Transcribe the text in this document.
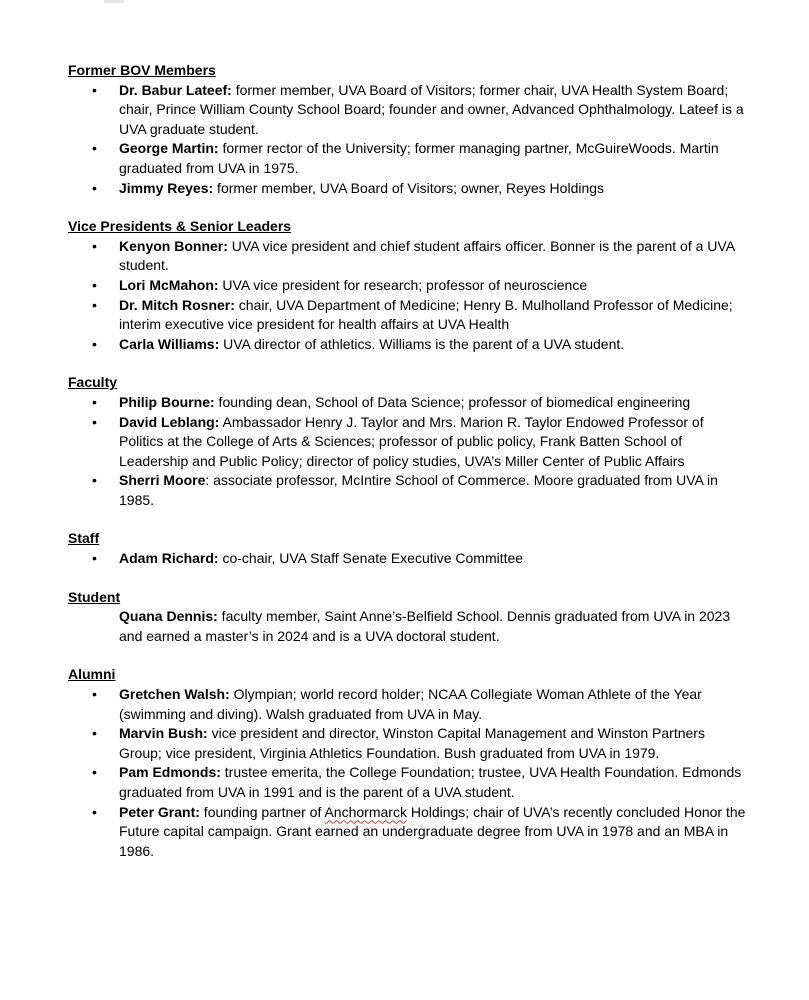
Former BOV Members
• Dr. Babur Lateef: former member, UVA Board of Visitors; former chair, UVA Health System Board; chair, Prince William County School Board; founder and owner, Advanced Ophthalmology. Lateef is a UVA graduate student.
• George Martin: former rector of the University; former managing partner, McGuireWoods. Martin graduated from UVA in 1975.
• Jimmy Reyes: former member, UVA Board of Visitors; owner, Reyes Holdings
Vice Presidents & Senior Leaders
• Kenyon Bonner: UVA vice president and chief student affairs officer. Bonner is the parent of a UVA student.
• Lori McMahon: UVA vice president for research; professor of neuroscience
• Dr. Mitch Rosner: chair, UVA Department of Medicine; Henry B. Mulholland Professor of Medicine; interim executive vice president for health affairs at UVA Health
• Carla Williams: UVA director of athletics. Williams is the parent of a UVA student.
Faculty
• Philip Bourne: founding dean, School of Data Science; professor of biomedical engineering
• David Leblang: Ambassador Henry J. Taylor and Mrs. Marion R. Taylor Endowed Professor of Politics at the College of Arts & Sciences; professor of public policy, Frank Batten School of Leadership and Public Policy; director of policy studies, UVA’s Miller Center of Public Affairs
• Sherri Moore: associate professor, McIntire School of Commerce. Moore graduated from UVA in 1985.
Staff
• Adam Richard: co-chair, UVA Staff Senate Executive Committee
Student
Quana Dennis: faculty member, Saint Anne’s-Belfield School. Dennis graduated from UVA in 2023 and earned a master’s in 2024 and is a UVA doctoral student.
Alumni
• Gretchen Walsh: Olympian; world record holder; NCAA Collegiate Woman Athlete of the Year (swimming and diving). Walsh graduated from UVA in May.
• Marvin Bush: vice president and director, Winston Capital Management and Winston Partners Group; vice president, Virginia Athletics Foundation. Bush graduated from UVA in 1979.
• Pam Edmonds: trustee emerita, the College Foundation; trustee, UVA Health Foundation. Edmonds graduated from UVA in 1991 and is the parent of a UVA student.
• Peter Grant: founding partner of Anchormarck Holdings; chair of UVA’s recently concluded Honor the Future capital campaign. Grant earned an undergraduate degree from UVA in 1978 and an MBA in 1986.
